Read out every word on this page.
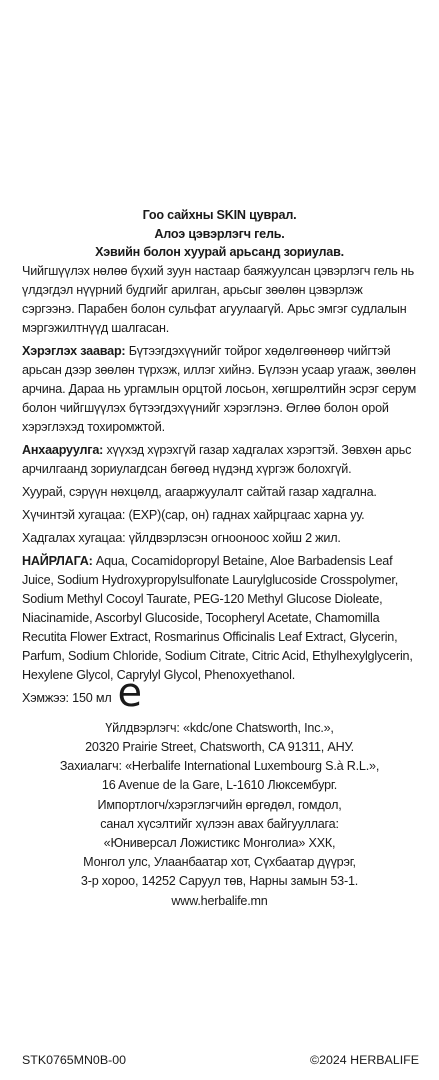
Гоо сайхны SKIN цуврал.
Алоэ цэвэрлэгч гель.
Хэвийн болон хуурай арьсанд зориулав.

Чийгшүүлэх нөлөө бүхий зуун настаар баяжуулсан цэвэрлэгч гель нь үлдэгдэл нүүрний будгийг арилган, арьсыг зөөлөн цэвэрлэж сэргээнэ. Парабен болон сульфат агуулаагүй. Арьс эмгэг судлалын мэргэжилтнүүд шалгасан.

Хэрэглэх заавар: Бүтээгдэхүүнийг тойрог хөдөлгөөнөөр чийгтэй арьсан дээр зөөлөн түрхэж, иллэг хийнэ. Бүлээн усаар угааж, зөөлөн арчина. Дараа нь ургамлын орцтой лосьон, хөгшрөлтийн эсрэг серум болон чийгшүүлэх бүтээгдэхүүнийг хэрэглэнэ. Өглөө болон орой хэрэглэхэд тохиромжтой.

Анхааруулга: хүүхэд хүрэхгүй газар хадгалах хэрэгтэй. Зөвхөн арьс арчилгаанд зориулагдсан бөгөөд нүдэнд хүргэж болохгүй.

Хуурай, сэрүүн нөхцөлд, агааржуулалт сайтай газар хадгална.

Хүчинтэй хугацаа: (EXP)(сар, он) гаднах хайрцгаас харна уу.

Хадгалах хугацаа: үйлдвэрлэсэн огнооноос хойш 2 жил.

НАЙРЛАГА: Aqua, Cocamidopropyl Betaine, Aloe Barbadensis Leaf Juice, Sodium Hydroxypropylsulfonate Laurylglucoside Crosspolymer, Sodium Methyl Cocoyl Taurate, PEG-120 Methyl Glucose Dioleate, Niacinamide, Ascorbyl Glucoside, Tocopheryl Acetate, Chamomilla Recutita Flower Extract, Rosmarinus Officinalis Leaf Extract, Glycerin, Parfum, Sodium Chloride, Sodium Citrate, Citric Acid, Ethylhexylglycerin, Hexylene Glycol, Caprylyl Glycol, Phenoxyethanol.

Хэмжээ: 150 мл e
Үйлдвэрлэгч: «kdc/one Chatsworth, Inc.»,
20320 Prairie Street, Chatsworth, CA 91311, АНУ.
Захиалагч: «Herbalife International Luxembourg S.à R.L.»,
16 Avenue de la Gare, L-1610 Люксембург.
Импортлогч/хэрэглэгчийн өргөдөл, гомдол,
санал хүсэлтийг хүлээн авах байгууллага:
«Юниверсал Ложистикс Монголиа» ХХК,
Монгол улс, Улаанбаатар хот, Сүхбаатар дүүрэг,
3-р хороо, 14252 Саруул төв, Нарны замын 53-1.
www.herbalife.mn
STK0765MN0B-00	©2024 HERBALIFE
